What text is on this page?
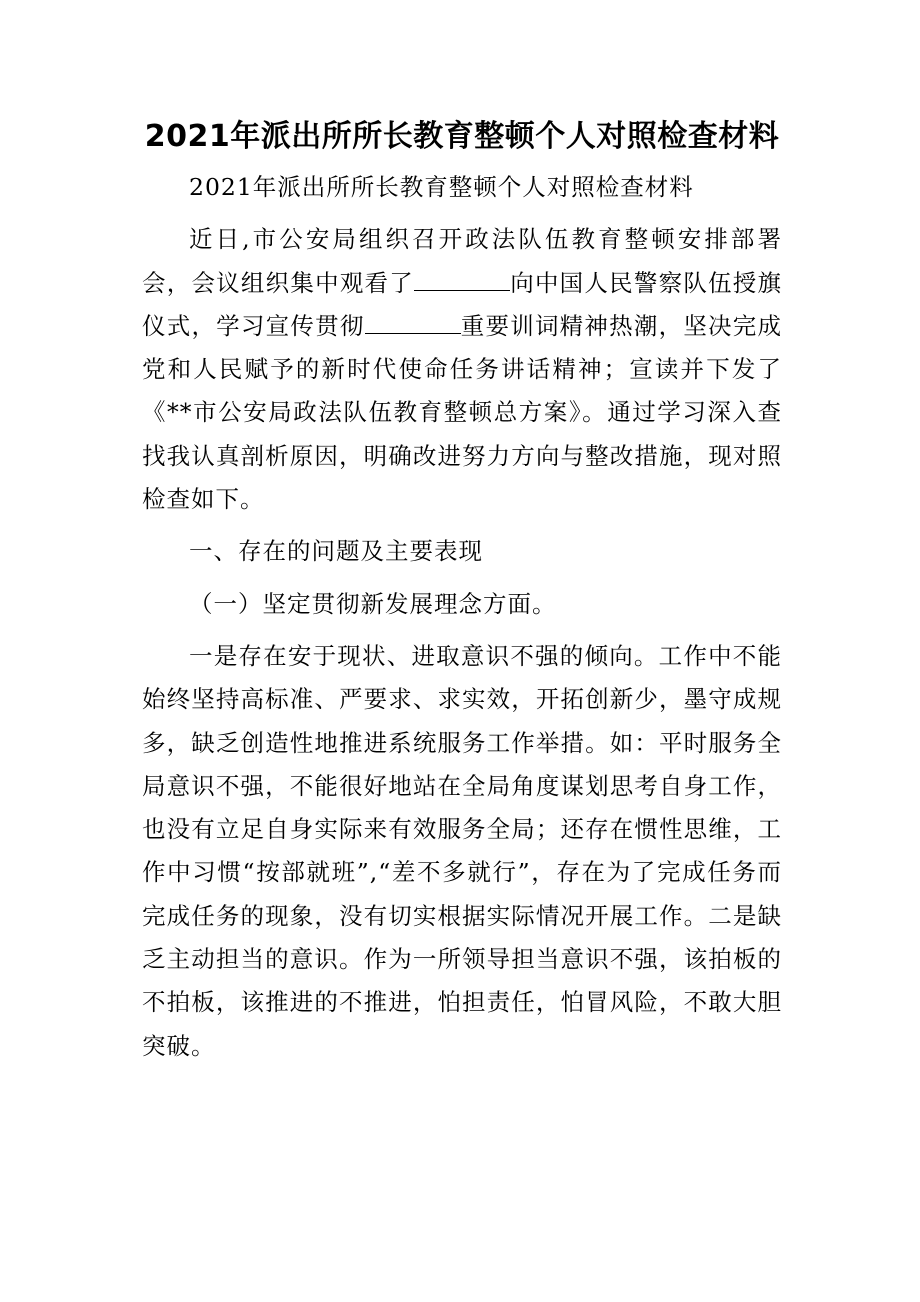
2021年派出所所长教育整顿个人对照检查材料

2021年派出所所长教育整顿个人对照检查材料

近日,市公安局组织召开政法队伍教育整顿安排部署会，会议组织集中观看了	向中国人民警察队伍授旗仪式，学习宣传贯彻	重要训词精神热潮，坚决完成党和人民赋予的新时代使命任务讲话精神；宣读并下发了《**市公安局政法队伍教育整顿总方案》。通过学习深入查找我认真剖析原因，明确改进努力方向与整改措施，现对照检查如下。

一、存在的问题及主要表现

（一）坚定贯彻新发展理念方面。

一是存在安于现状、进取意识不强的倾向。工作中不能始终坚持高标准、严要求、求实效，开拓创新少，墨守成规多，缺乏创造性地推进系统服务工作举措。如：平时服务全局意识不强，不能很好地站在全局角度谋划思考自身工作，也没有立足自身实际来有效服务全局；还存在惯性思维，工作中习惯“按部就班”,“差不多就行”，存在为了完成任务而完成任务的现象，没有切实根据实际情况开展工作。二是缺乏主动担当的意识。作为一所领导担当意识不强，该拍板的不拍板，该推进的不推进，怕担责任，怕冒风险，不敢大胆突破。
